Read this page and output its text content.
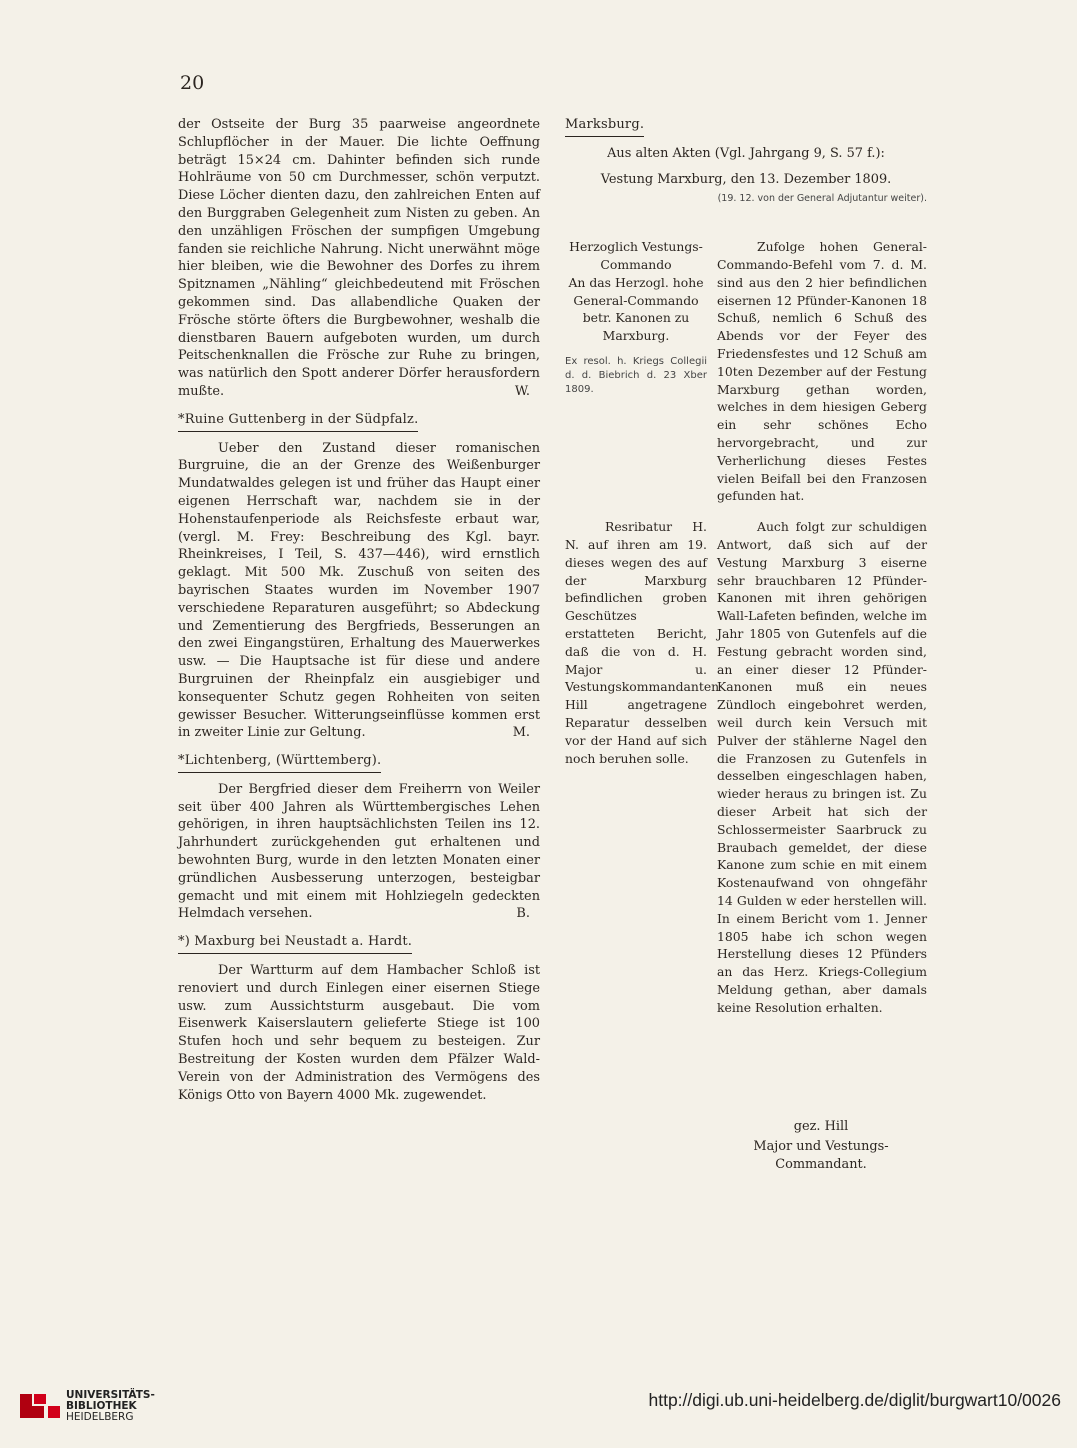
20

der Ostseite der Burg 35 paarweise angeordnete Schlupflöcher in der Mauer. Die lichte Oeffnung beträgt 15×24 cm. Dahinter befinden sich runde Hohlräume von 50 cm Durchmesser, schön verputzt. Diese Löcher dienten dazu, den zahlreichen Enten auf den Burggraben Gelegenheit zum Nisten zu geben. An den unzähligen Fröschen der sumpfigen Umgebung fanden sie reichliche Nahrung. Nicht unerwähnt möge hier bleiben, wie die Bewohner des Dorfes zu ihrem Spitznamen „Nähling“ gleichbedeutend mit Fröschen gekommen sind. Das allabendliche Quaken der Frösche störte öfters die Burgbewohner, weshalb die dienstbaren Bauern aufgeboten wurden, um durch Peitschenknallen die Frösche zur Ruhe zu bringen, was natürlich den Spott anderer Dörfer herausfordern mußte.	W.

*Ruine Guttenberg in der Südpfalz.

Ueber den Zustand dieser romanischen Burgruine, die an der Grenze des Weißenburger Mundatwaldes gelegen ist und früher das Haupt einer eigenen Herrschaft war, nachdem sie in der Hohenstaufenperiode als Reichsfeste erbaut war, (vergl. M. Frey: Beschreibung des Kgl. bayr. Rheinkreises, I Teil, S. 437—446), wird ernstlich geklagt. Mit 500 Mk. Zuschuß von seiten des bayrischen Staates wurden im November 1907 verschiedene Reparaturen ausgeführt; so Abdeckung und Zementierung des Bergfrieds, Besserungen an den zwei Eingangstüren, Erhaltung des Mauerwerkes usw. — Die Hauptsache ist für diese und andere Burgruinen der Rheinpfalz ein ausgiebiger und konsequenter Schutz gegen Rohheiten von seiten gewisser Besucher. Witterungseinflüsse kommen erst in zweiter Linie zur Geltung.	M.

*Lichtenberg, (Württemberg).

Der Bergfried dieser dem Freiherrn von Weiler seit über 400 Jahren als Württembergisches Lehen gehörigen, in ihren hauptsächlichsten Teilen ins 12. Jahrhundert zurückgehenden gut erhaltenen und bewohnten Burg, wurde in den letzten Monaten einer gründlichen Ausbesserung unterzogen, besteigbar gemacht und mit einem mit Hohlziegeln gedeckten Helmdach versehen.	B.

*) Maxburg bei Neustadt a. Hardt.

Der Wartturm auf dem Hambacher Schloß ist renoviert und durch Einlegen einer eisernen Stiege usw. zum Aussichtsturm ausgebaut. Die vom Eisenwerk Kaiserslautern gelieferte Stiege ist 100 Stufen hoch und sehr bequem zu besteigen. Zur Bestreitung der Kosten wurden dem Pfälzer Wald-Verein von der Administration des Vermögens des Königs Otto von Bayern 4000 Mk. zugewendet.

Marksburg.

Aus alten Akten (Vgl. Jahrgang 9, S. 57 f.):

Vestung Marxburg, den 13. Dezember 1809.

(19. 12. von der General Adjutantur weiter).

Herzoglich Vestungs-Commando

An das Herzogl. hohe General-Commando betr. Kanonen zu Marxburg.

Ex resol. h. Kriegs Collegii d. d. Biebrich d. 23 Xber 1809.

Zufolge hohen General-Commando-Befehl vom 7. d. M. sind aus den 2 hier befindlichen eisernen 12 Pfünder-Kanonen 18 Schuß, nemlich 6 Schuß des Abends vor der Feyer des Friedensfestes und 12 Schuß am 10ten Dezember auf der Festung Marxburg gethan worden, welches in dem hiesigen Geberg ein sehr schönes Echo hervorgebracht, und zur Verherlichung dieses Festes vielen Beifall bei den Franzosen gefunden hat.

Resribatur H. N. auf ihren am 19. dieses wegen des auf der Marxburg befindlichen groben Geschützes erstatteten Bericht, daß die von d. H. Major u. Vestungskommandanten Hill angetragene Reparatur desselben vor der Hand auf sich noch beruhen solle.

Auch folgt zur schuldigen Antwort, daß sich auf der Vestung Marxburg 3 eiserne sehr brauchbaren 12 Pfünder-Kanonen mit ihren gehörigen Wall-Lafeten befinden, welche im Jahr 1805 von Gutenfels auf die Festung gebracht worden sind, an einer dieser 12 Pfünder-Kanonen muß ein neues Zündloch eingebohret werden, weil durch kein Versuch mit Pulver der stählerne Nagel den die Franzosen zu Gutenfels in desselben eingeschlagen haben, wieder heraus zu bringen ist. Zu dieser Arbeit hat sich der Schlossermeister Saarbruck zu Braubach gemeldet, der diese Kanone zum schie en mit einem Kostenaufwand von ohngefähr 14 Gulden w eder herstellen will. In einem Bericht vom 1. Jenner 1805 habe ich schon wegen Herstellung dieses 12 Pfünders an das Herz. Kriegs-Collegium Meldung gethan, aber damals keine Resolution erhalten.

gez. Hill

Major und Vestungs-Commandant.

UNIVERSITÄTS-
BIBLIOTHEK
HEIDELBERG
http://digi.ub.uni-heidelberg.de/diglit/burgwart10/0026
